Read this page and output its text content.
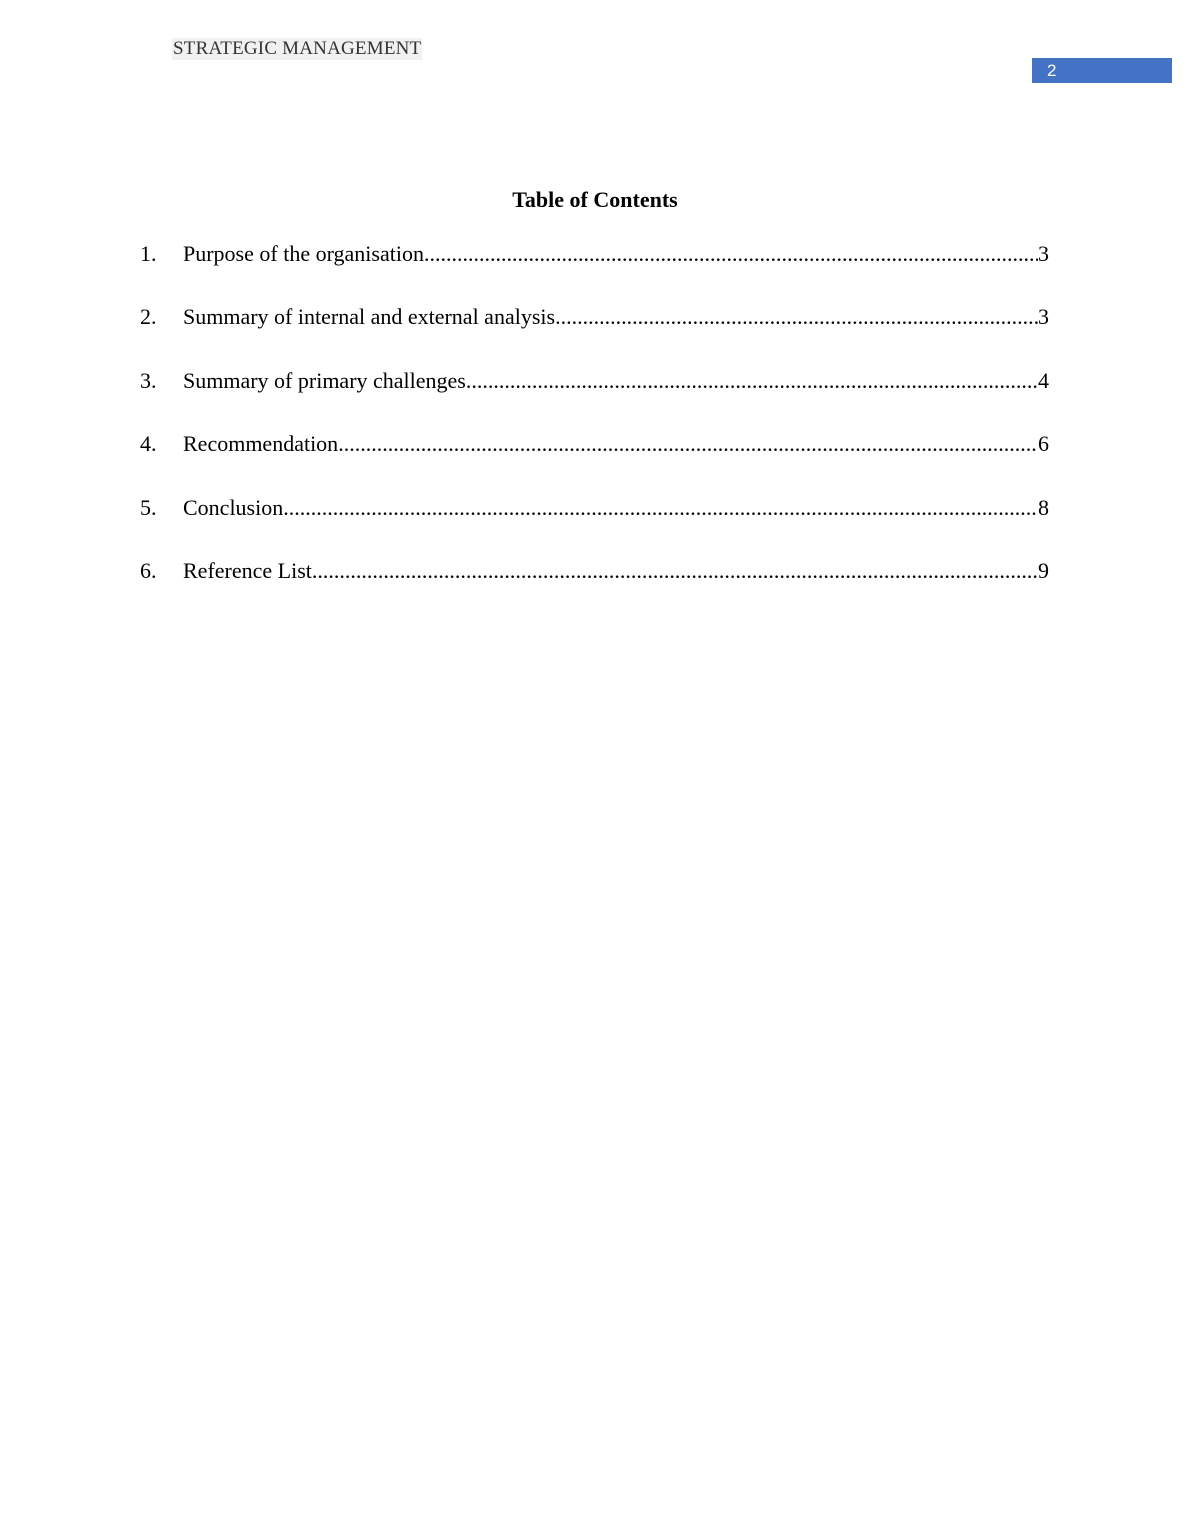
STRATEGIC MANAGEMENT
2
Table of Contents
1.	Purpose of the organisation .....	3
2.	Summary of internal and external analysis .....	3
3.	Summary of primary challenges .....	4
4.	Recommendation .....	6
5.	Conclusion .....	8
6.	Reference List .....	9
